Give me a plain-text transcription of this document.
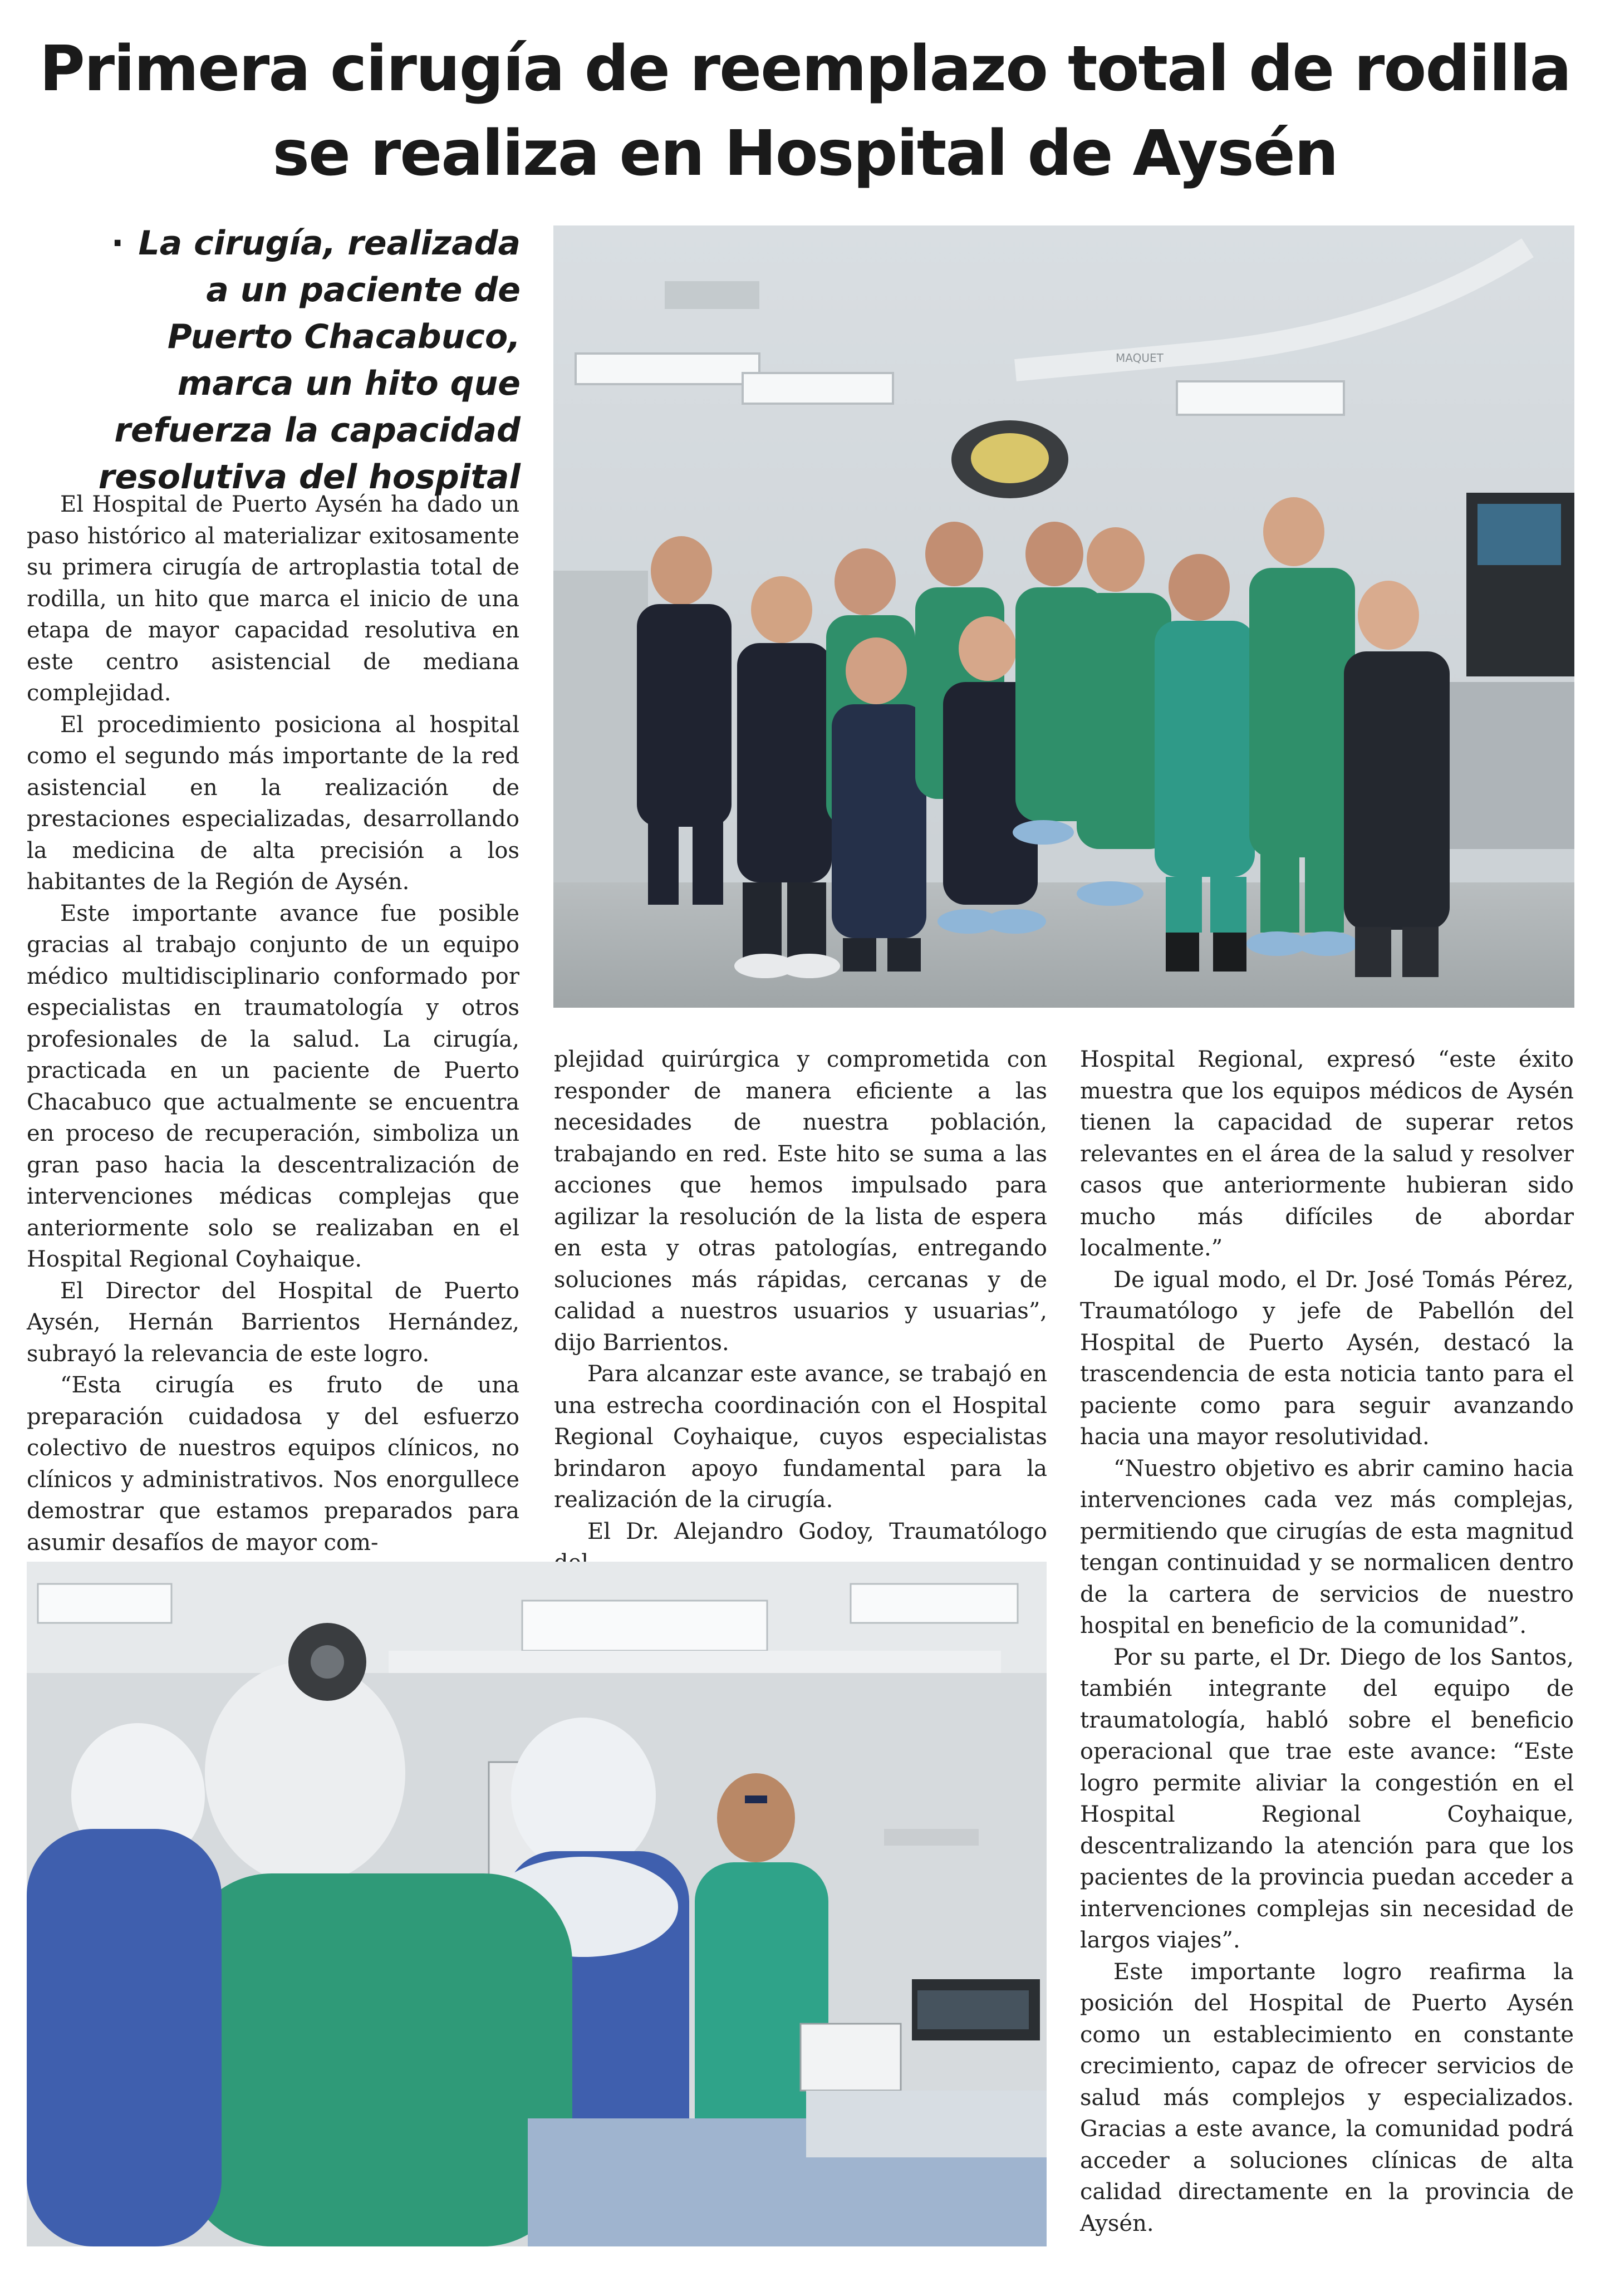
Primera cirugía de reemplazo total de rodilla
se realiza en Hospital de Aysén

· La cirugía, realizada a un paciente de Puerto Chacabuco, marca un hito que refuerza la capacidad resolutiva del hospital

MAQUET

El Hospital de Puerto Aysén ha dado un paso histórico al materializar exitosamente su primera cirugía de artroplastia total de rodilla, un hito que marca el inicio de una etapa de mayor capacidad resolutiva en este centro asistencial de mediana complejidad.

El procedimiento posiciona al hospital como el segundo más importante de la red asistencial en la realización de prestaciones especializadas, desarrollando la medicina de alta precisión a los habitantes de la Región de Aysén.

Este importante avance fue posible gracias al trabajo conjunto de un equipo médico multidisciplinario conformado por especialistas en traumatología y otros profesionales de la salud. La cirugía, practicada en un paciente de Puerto Chacabuco que actualmente se encuentra en proceso de recuperación, simboliza un gran paso hacia la descentralización de intervenciones médicas complejas que anteriormente solo se realizaban en el Hospital Regional Coyhaique.

El Director del Hospital de Puerto Aysén, Hernán Barrientos Hernández, subrayó la relevancia de este logro.

“Esta cirugía es fruto de una preparación cuidadosa y del esfuerzo colectivo de nuestros equipos clínicos, no clínicos y administrativos. Nos enorgullece demostrar que estamos preparados para asumir desafíos de mayor com-

plejidad quirúrgica y comprometida con responder de manera eficiente a las necesidades de nuestra población, trabajando en red. Este hito se suma a las acciones que hemos impulsado para agilizar la resolución de la lista de espera en esta y otras patologías, entregando soluciones más rápidas, cercanas y de calidad a nuestros usuarios y usuarias”, dijo Barrientos.

Para alcanzar este avance, se trabajó en una estrecha coordinación con el Hospital Regional Coyhaique, cuyos especialistas brindaron apoyo fundamental para la realización de la cirugía.

El Dr. Alejandro Godoy, Traumatólogo

Hospital Regional, expresó “este éxito muestra que los equipos médicos de Aysén tienen la capacidad de superar retos relevantes en el área de la salud y resolver casos que anteriormente hubieran sido mucho más difíciles de abordar localmente.”

De igual modo, el Dr. José Tomás Pérez, Traumatólogo y jefe de Pabellón del Hospital de Puerto Aysén, destacó la trascendencia de esta noticia tanto para el paciente como para seguir avanzando hacia una mayor resolutividad.

“Nuestro objetivo es abrir camino hacia intervenciones cada vez más complejas, permitiendo que cirugías de esta magnitud tengan continuidad y se normalicen dentro de la cartera de servicios de nuestro hospital en beneficio de la comunidad”.

Por su parte, el Dr. Diego de los Santos, también integrante del equipo de traumatología, habló sobre el beneficio operacional que trae este avance: “Este logro permite aliviar la congestión en el Hospital Regional Coyhaique, descentralizando la atención para que los pacientes de la provincia puedan acceder a intervenciones complejas sin necesidad de largos viajes”.

Este importante logro reafirma la posición del Hospital de Puerto Aysén como un establecimiento en constante crecimiento, capaz de ofrecer servicios de salud más complejos y especializados. Gracias a este avance, la comunidad podrá acceder a soluciones clínicas de alta calidad directamente en la provincia de Aysén.
